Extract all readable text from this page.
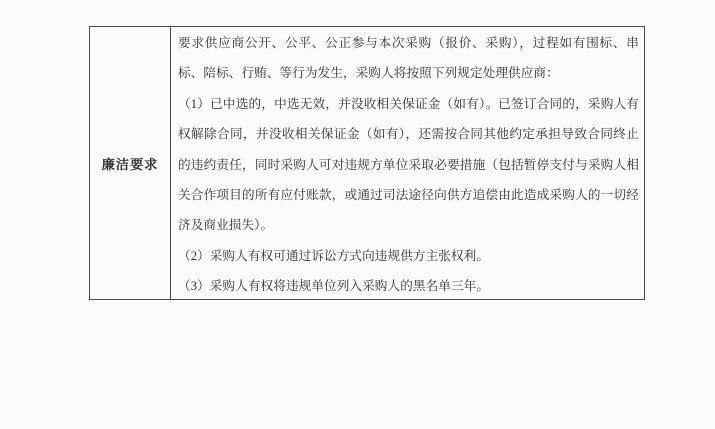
廉洁要求

要求供应商公开、公平、公正参与本次采购（报价、采购），过程如有围标、串标、陪标、行贿、等行为发生，采购人将按照下列规定处理供应商：

（1）已中选的，中选无效，并没收相关保证金（如有）。已签订合同的，采购人有权解除合同，并没收相关保证金（如有），还需按合同其他约定承担导致合同终止的违约责任，同时采购人可对违规方单位采取必要措施（包括暂停支付与采购人相关合作项目的所有应付账款，或通过司法途径向供方追偿由此造成采购人的一切经济及商业损失）。

（2）采购人有权可通过诉讼方式向违规供方主张权利。

（3）采购人有权将违规单位列入采购人的黑名单三年。
